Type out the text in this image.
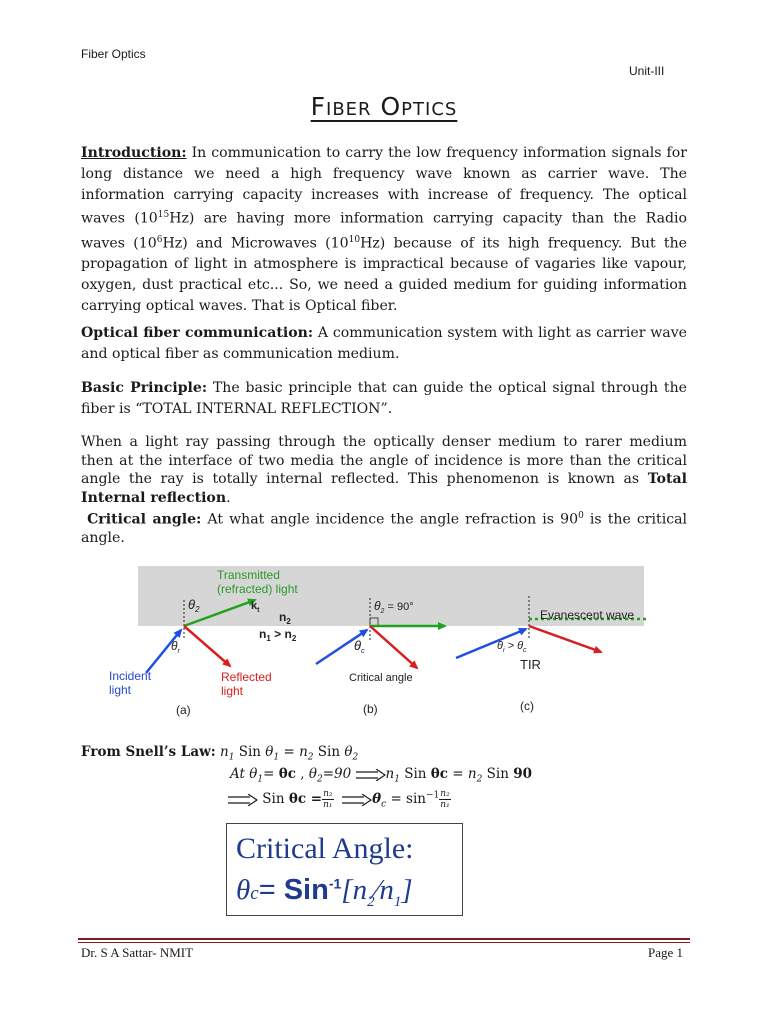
Fiber Optics
Unit-III
Fiber Optics

Introduction: In communication to carry the low frequency information signals for long distance we need a high frequency wave known as carrier wave. The information carrying capacity increases with increase of frequency. The optical waves $(10^{15}Hz)$ are having more information carrying capacity than the Radio waves $(10^6Hz)$ and Microwaves $(10^{10}Hz)$ because of its high frequency. But the propagation of light in atmosphere is impractical because of vagaries like vapour, oxygen, dust practical etc... So, we need a guided medium for guiding information carrying optical waves. That is Optical fiber.

Optical fiber communication: A communication system with light as carrier wave and optical fiber as communication medium.

Basic Principle: The basic principle that can guide the optical signal through the fiber is “TOTAL INTERNAL REFLECTION”.

When a light ray passing through the optically denser medium to rarer medium then at the interface of two media the angle of incidence is more than the critical angle the ray is totally internal reflected. This phenomenon is known as Total Internal reflection.

Critical angle: At what angle incidence the angle refraction is $90^0$ is the critical angle.

Transmitted (refracted) light
$k_t$
$\theta_2$
$\theta_r$
$n_2$
$n_1 > n_2$
Incident light
Reflected light
(a)
$\theta_2 = 90^\circ$
$\theta_c$
Critical angle
(b)
Evanescent wave
$\theta_i > \theta_c$
TIR
(c)
From Snell’s Law: $n_1$ Sin $\theta_1 = n_2$ Sin $\theta_2$
At $\theta_1= \theta c$ , $\theta_2=90$	$n_1$ Sin $\theta c = n_2$ Sin 90
Sin $\theta c = \frac{\text{n₂}}{\text{n₁}}$	$\theta_c = \sin^{-1} \frac{\text{n₂}}{\text{n₁}}$
Critical Angle:
$\theta c= Sin^{-1}[n_2⁄n_1]$
Dr. S A Sattar- NMIT	Page 1
